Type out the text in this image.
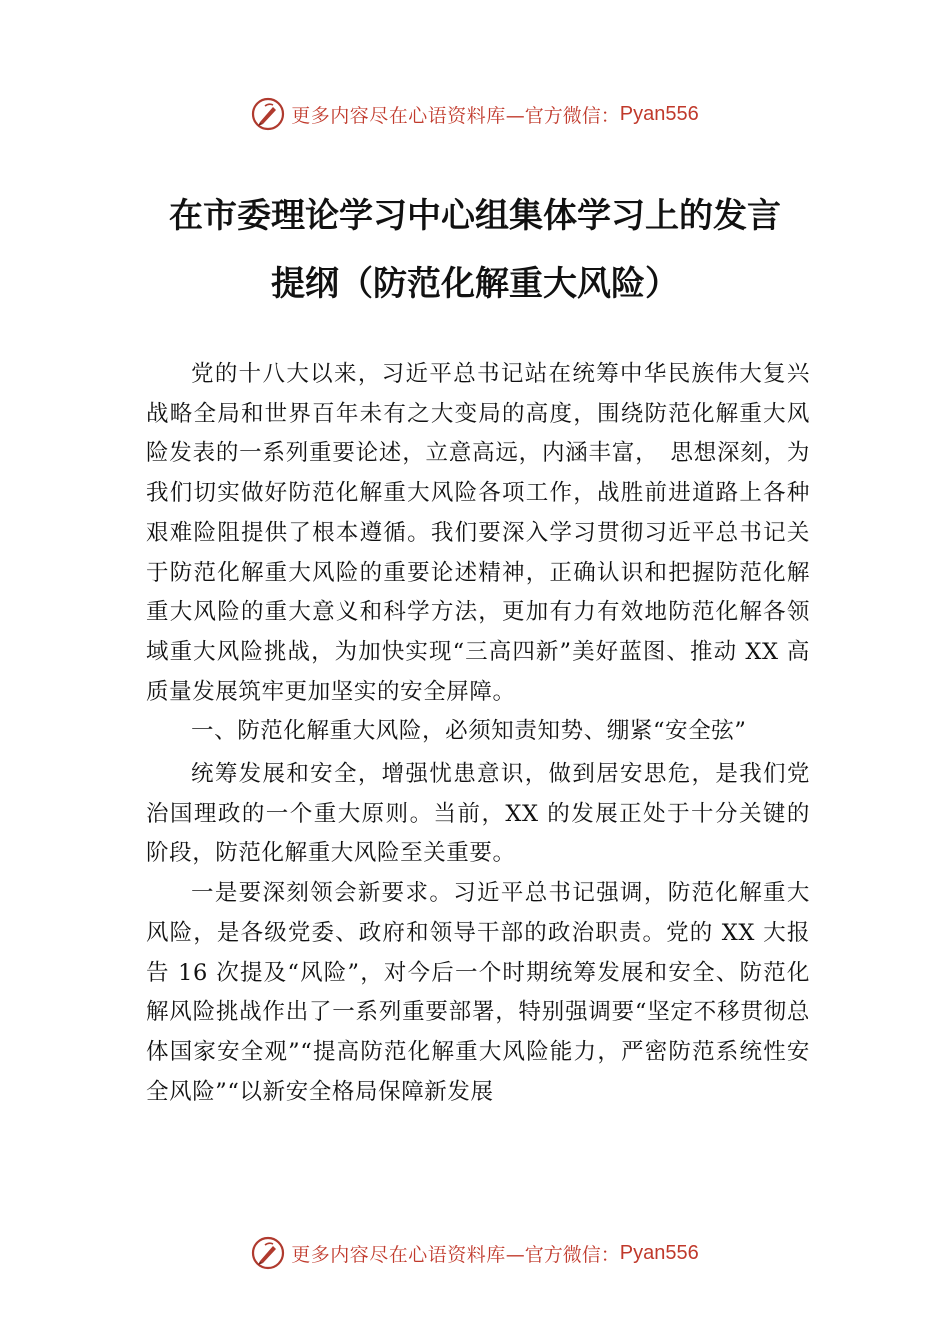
更多内容尽在心语资料库 —官方微信： Pyan556
在市委理论学习中心组集体学习上的发言
提纲（防范化解重大风险）

党的十八大以来，习近平总书记站在统筹中华民族伟大复兴战略全局和世界百年未有之大变局的高度，围绕防范化解重大风险发表的一系列重要论述，立意高远，内涵丰富，　思想深刻，为我们切实做好防范化解重大风险各项工作，战胜前进道路上各种艰难险阻提供了根本遵循。我们要深入学习贯彻习近平总书记关于防范化解重大风险的重要论述精神，正确认识和把握防范化解重大风险的重大意义和科学方法，更加有力有效地防范化解各领域重大风险挑战，为加快实现“三高四新”美好蓝图、推动 XX 高质量发展筑牢更加坚实的安全屏障。

一、防范化解重大风险，必须知责知势、绷紧“安全弦”

统筹发展和安全，增强忧患意识，做到居安思危，是我们党治国理政的一个重大原则。当前，XX 的发展正处于十分关键的阶段，防范化解重大风险至关重要。

一是要深刻领会新要求。习近平总书记强调，防范化解重大风险，是各级党委、政府和领导干部的政治职责。党的 XX 大报告 16 次提及“风险”，对今后一个时期统筹发展和安全、防范化解风险挑战作出了一系列重要部署，特别强调要“坚定不移贯彻总体国家安全观”“提高防范化解重大风险能力，严密防范系统性安全风险”“以新安全格局保障新发展

更多内容尽在心语资料库 —官方微信： Pyan556
